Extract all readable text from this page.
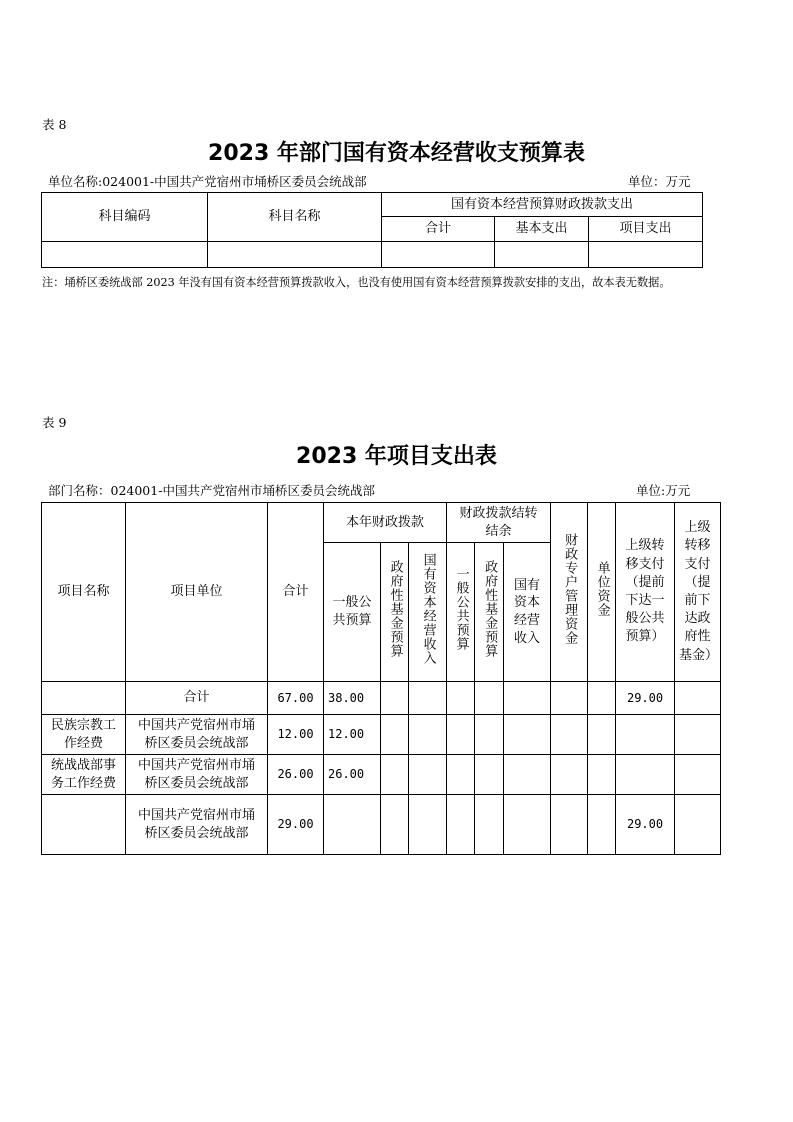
表 8
2023 年部门国有资本经营收支预算表
单位名称:024001-中国共产党宿州市埇桥区委员会统战部	单位：万元
科目编码	科目名称	国有资本经营预算财政拨款支出		
		合计	基本支出	项目支出

注：埇桥区委统战部 2023 年没有国有资本经营预算拨款收入，也没有使用国有资本经营预算拨款安排的支出，故本表无数据。
表 9
2023 年项目支出表
部门名称：024001-中国共产党宿州市埇桥区委员会统战部	单位:万元
项目名称	项目单位	合计	本年财政拨款			财政拨款结转结余			财政专户管理资金	单位资金	上级转移支付（提前下达一般公共预算）	上级转移支付（提前下达政府性基金）
			一般公共预算	政府性基金预算	国有资本经营收入	一般公共预算	政府性基金预算	国有资本经营收入				
	合计	67.00	38.00								29.00	
民族宗教工作经费	中国共产党宿州市埇桥区委员会统战部	12.00	12.00									
统战战部事务工作经费	中国共产党宿州市埇桥区委员会统战部	26.00	26.00									
	中国共产党宿州市埇桥区委员会统战部	29.00									29.00	
